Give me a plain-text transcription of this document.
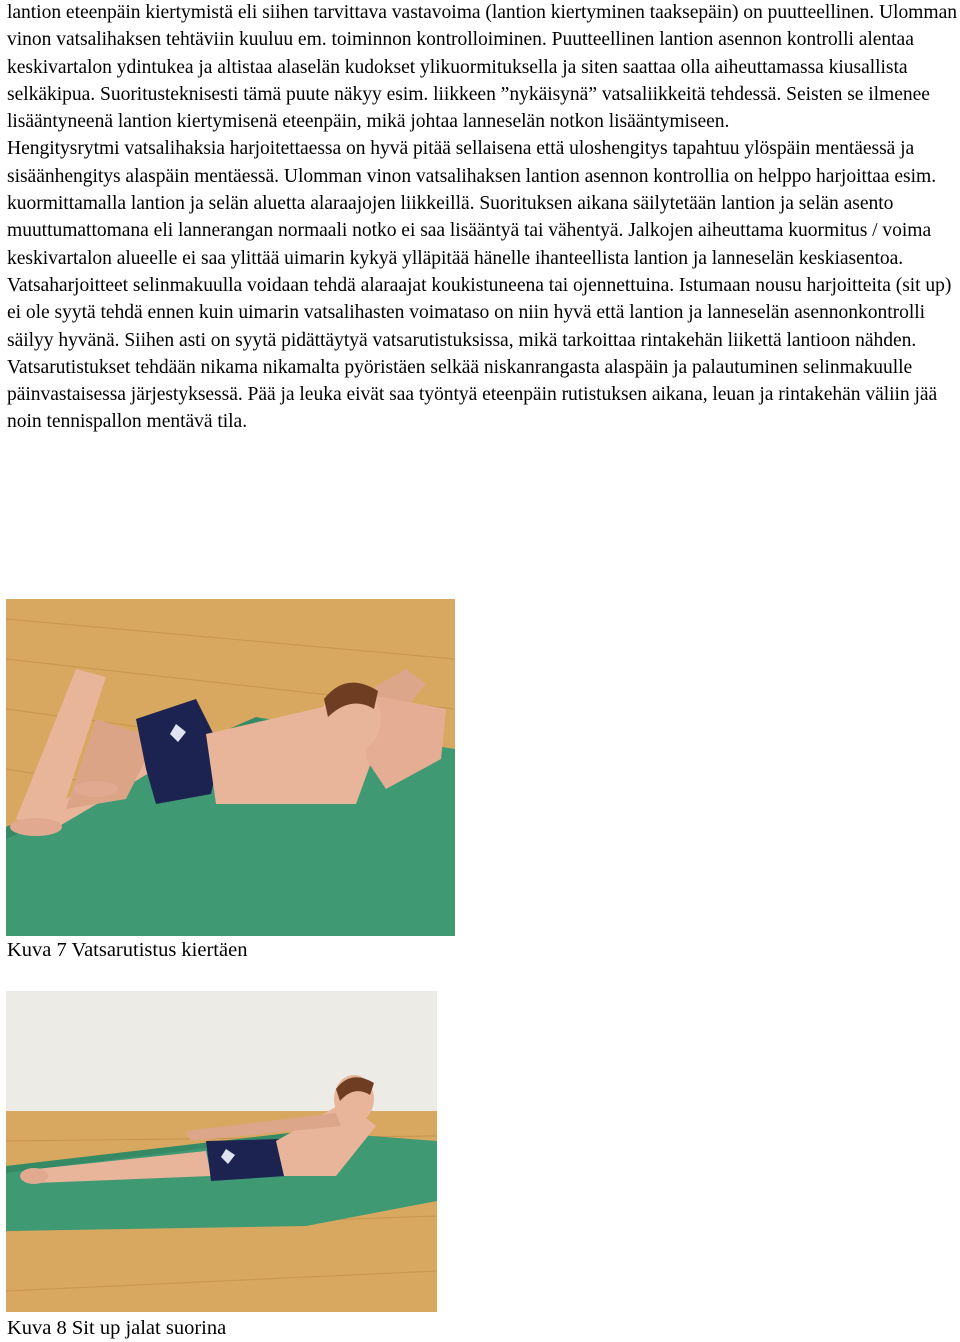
lantion eteenpäin kiertymistä eli siihen tarvittava vastavoima (lantion kiertyminen taaksepäin) on puutteellinen. Ulomman vinon vatsalihaksen tehtäviin kuuluu em. toiminnon kontrolloiminen. Puutteellinen lantion asennon kontrolli alentaa keskivartalon ydintukea ja altistaa alaselän kudokset ylikuormituksella ja siten saattaa olla aiheuttamassa kiusallista selkäkipua. Suoritusteknisesti tämä puute näkyy esim. liikkeen ”nykäisynä” vatsaliikkeitä tehdessä. Seisten se ilmenee lisääntyneenä lantion kiertymisenä eteenpäin, mikä johtaa lanneselän notkon lisääntymiseen.

Hengitysrytmi vatsalihaksia harjoitettaessa on hyvä pitää sellaisena että uloshengitys tapahtuu ylöspäin mentäessä ja sisäänhengitys alaspäin mentäessä. Ulomman vinon vatsalihaksen lantion asennon kontrollia on helppo harjoittaa esim. kuormittamalla lantion ja selän aluetta alaraajojen liikkeillä. Suorituksen aikana säilytetään lantion ja selän asento muuttumattomana eli lannerangan normaali notko ei saa lisääntyä tai vähentyä. Jalkojen aiheuttama kuormitus / voima keskivartalon alueelle ei saa ylittää uimarin kykyä ylläpitää hänelle ihanteellista lantion ja lanneselän keskiasentoa.

Vatsaharjoitteet selinmakuulla voidaan tehdä alaraajat koukistuneena tai ojennettuina. Istumaan nousu harjoitteita (sit up) ei ole syytä tehdä ennen kuin uimarin vatsalihasten voimataso on niin hyvä että lantion ja lanneselän asennonkontrolli säilyy hyvänä. Siihen asti on syytä pidättäytyä vatsarutistuksissa, mikä tarkoittaa rintakehän liikettä lantioon nähden. Vatsarutistukset tehdään nikama nikamalta pyöristäen selkää niskanrangasta alaspäin ja palautuminen selinmakuulle päinvastaisessa järjestyksessä. Pää ja leuka eivät saa työntyä eteenpäin rutistuksen aikana, leuan ja rintakehän väliin jää noin tennispallon mentävä tila.

Kuva 7 Vatsarutistus kiertäen
Kuva 8 Sit up jalat suorina
